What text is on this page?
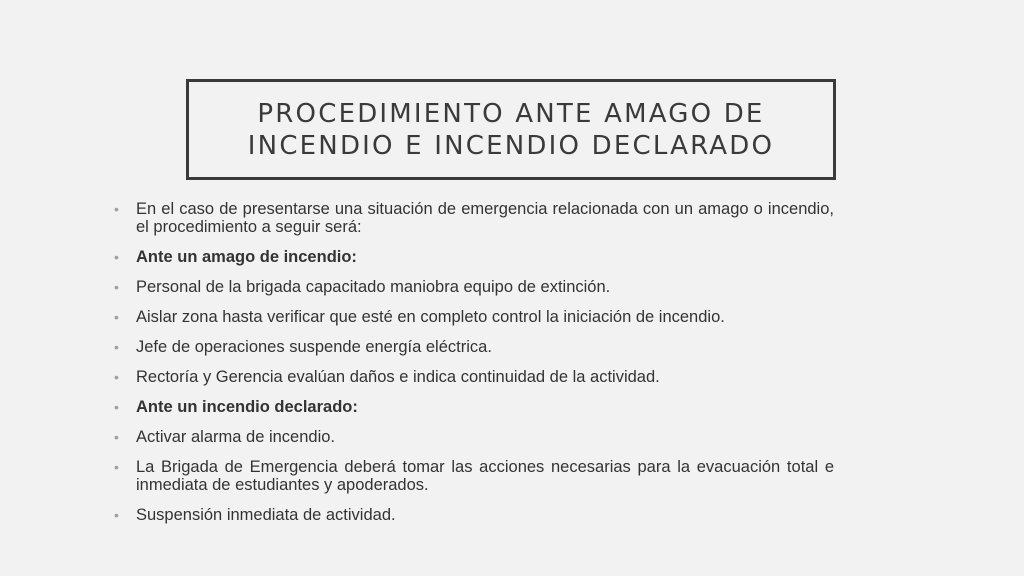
PROCEDIMIENTO ANTE AMAGO DE
INCENDIO E INCENDIO DECLARADO
• En el caso de presentarse una situación de emergencia relacionada con un amago o incendio, el procedimiento a seguir será:
• Ante un amago de incendio:
• Personal de la brigada capacitado maniobra equipo de extinción.
• Aislar zona hasta verificar que esté en completo control la iniciación de incendio.
• Jefe de operaciones suspende energía eléctrica.
• Rectoría y Gerencia evalúan daños e indica continuidad de la actividad.
• Ante un incendio declarado:
• Activar alarma de incendio.
• La Brigada de Emergencia deberá tomar las acciones necesarias para la evacuación total e inmediata de estudiantes y apoderados.
• Suspensión inmediata de actividad.
